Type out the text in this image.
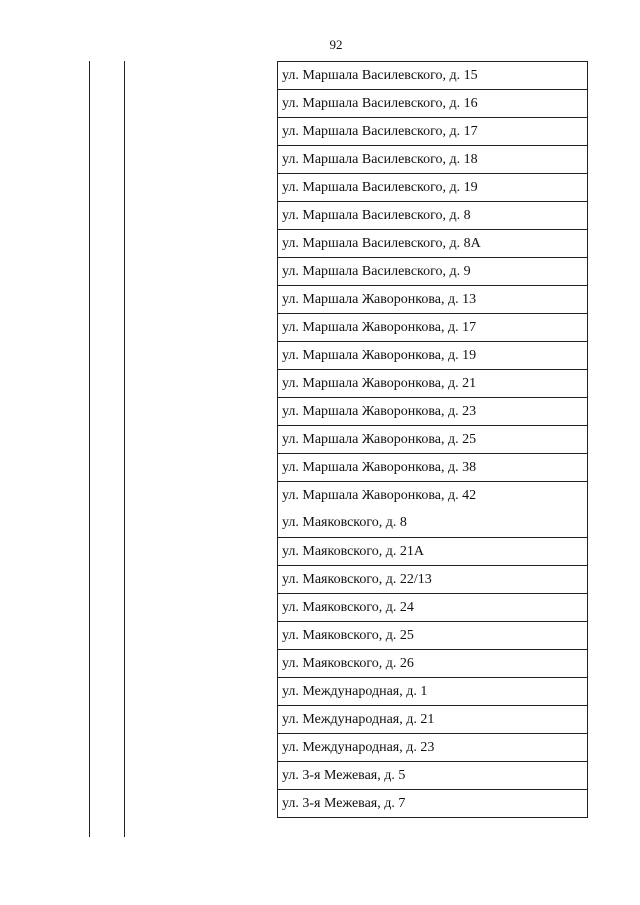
92
ул. Маршала Василевского, д. 15
ул. Маршала Василевского, д. 16
ул. Маршала Василевского, д. 17
ул. Маршала Василевского, д. 18
ул. Маршала Василевского, д. 19
ул. Маршала Василевского, д. 8
ул. Маршала Василевского, д. 8А
ул. Маршала Василевского, д. 9
ул. Маршала Жаворонкова, д. 13
ул. Маршала Жаворонкова, д. 17
ул. Маршала Жаворонкова, д. 19
ул. Маршала Жаворонкова, д. 21
ул. Маршала Жаворонкова, д. 23
ул. Маршала Жаворонкова, д. 25
ул. Маршала Жаворонкова, д. 38
ул. Маршала Жаворонкова, д. 42
ул. Маяковского, д. 8
ул. Маяковского, д. 21А
ул. Маяковского, д. 22/13
ул. Маяковского, д. 24
ул. Маяковского, д. 25
ул. Маяковского, д. 26
ул. Международная, д. 1
ул. Международная, д. 21
ул. Международная, д. 23
ул. 3-я Межевая, д. 5
ул. 3-я Межевая, д. 7
